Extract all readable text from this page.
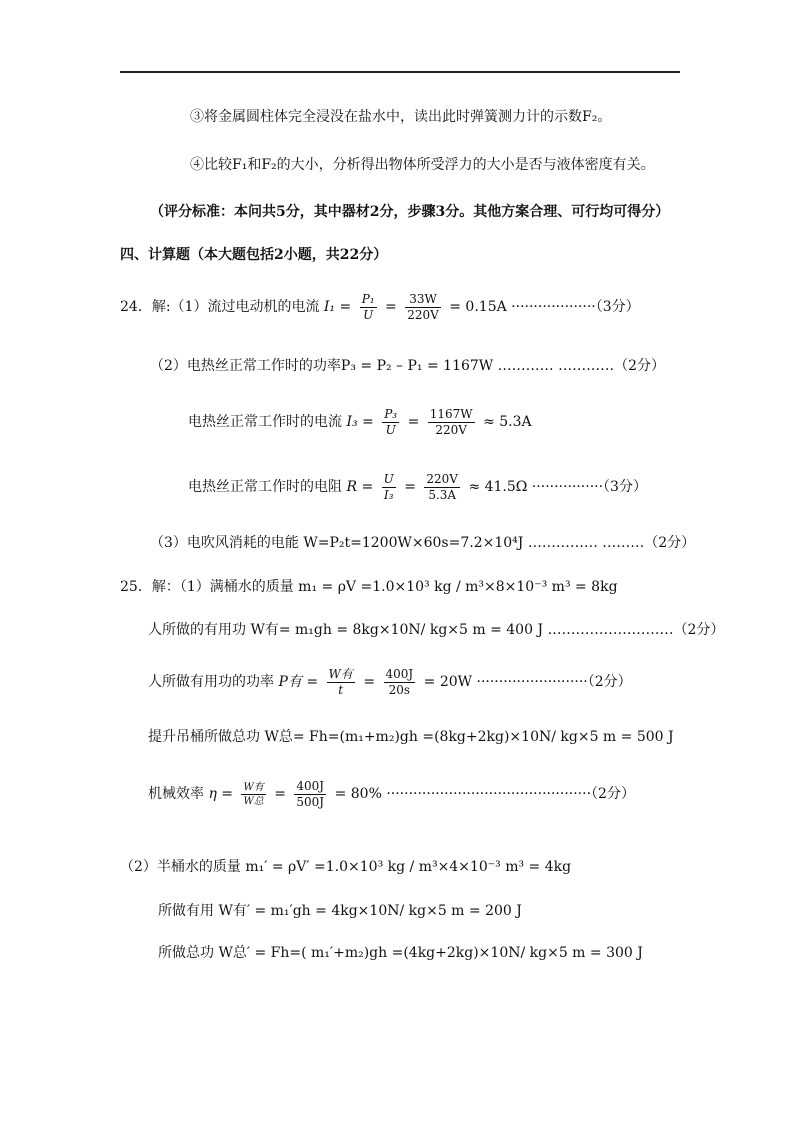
③将金属圆柱体完全浸没在盐水中，读出此时弹簧测力计的示数F₂。
④比较F₁和F₂的大小，分析得出物体所受浮力的大小是否与液体密度有关。
（评分标准：本问共5分，其中器材2分，步骤3分。其他方案合理、可行均可得分）
四、计算题（本大题包括2小题，共22分）
24．解:（1）流过电动机的电流 $I_1 = \frac{\text{P₁}}{U} = \frac{33W}{220V} = 0.15A \cdot\cdot\cdot\cdot\cdot\cdot\cdot\cdot\cdot\cdot\cdot\cdot\cdot\cdot\cdot\cdot\cdot\cdot\cdot(3$分）
（2）电热丝正常工作时的功率P₃ = P₂ – P₁ = 1167W ………… …………（2分）
电热丝正常工作时的电流 $I_3 = \frac{\text{P₃}}{U} = \frac{1167W}{220V} \approx 5.3A$
电热丝正常工作时的电阻 $R = \frac{U}{\text{I₃}} = \frac{220V}{5.3A} \approx 41.5\Omega \cdot\cdot\cdot\cdot\cdot\cdot\cdot\cdot\cdot\cdot\cdot\cdot\cdot\cdot\cdot\cdot(3$分）
（3）电吹风消耗的电能 W=P₂t=1200W×60s=7.2×10⁴J …………… ………（2分）
25．解：（1）满桶水的质量 m₁ = ρV =1.0×10³ kg / m³×8×10⁻³ m³ = 8kg
人所做的有用功 W有= m₁gh = 8kg×10N/ kg×5 m = 400 J ………………………（2分）
人所做有用功的功率 P有 = $\frac{\text{W有}}{t} = \frac{400J}{20s} = 20W \cdot\cdot\cdot\cdot\cdot\cdot\cdot\cdot\cdot\cdot\cdot\cdot\cdot\cdot\cdot\cdot\cdot\cdot\cdot\cdot\cdot\cdot\cdot\cdot\cdot(2$分）
提升吊桶所做总功 W总= Fh=(m₁+m₂)gh =(8kg+2kg)×10N/ kg×5 m = 500 J
机械效率 $\eta = \frac{\text{W有}}{\text{W总}} = \frac{400J}{500J} = 80\% \cdot\cdot\cdot\cdot\cdot\cdot\cdot\cdot\cdot\cdot\cdot\cdot\cdot\cdot\cdot\cdot\cdot\cdot\cdot\cdot\cdot\cdot\cdot\cdot\cdot\cdot\cdot\cdot\cdot\cdot\cdot\cdot\cdot\cdot\cdot\cdot\cdot\cdot\cdot\cdot\cdot\cdot\cdot\cdot\cdot\cdot(2$分）
（2）半桶水的质量 m₁′ = ρV′ =1.0×10³ kg / m³×4×10⁻³ m³ = 4kg
所做有用 W有′ = m₁′gh = 4kg×10N/ kg×5 m = 200 J
所做总功 W总′ = Fh=( m₁′+m₂)gh =(4kg+2kg)×10N/ kg×5 m = 300 J
